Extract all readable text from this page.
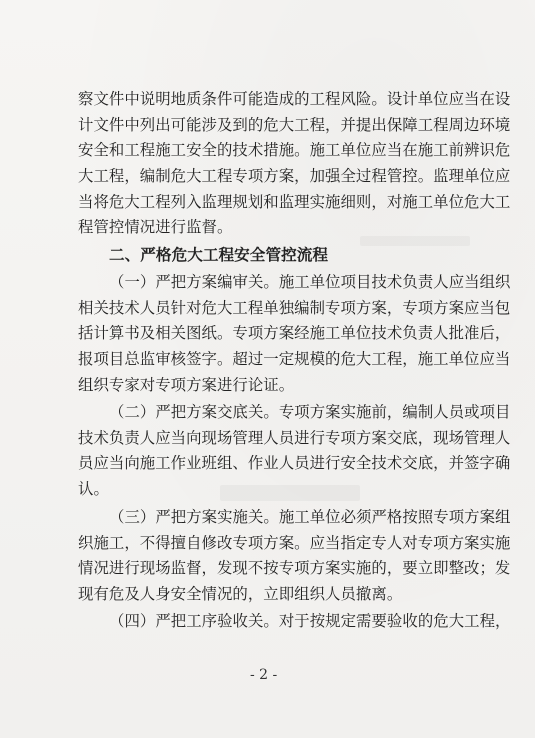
察文件中说明地质条件可能造成的工程风险。设计单位应当在设
计文件中列出可能涉及到的危大工程，并提出保障工程周边环境
安全和工程施工安全的技术措施。施工单位应当在施工前辨识危
大工程，编制危大工程专项方案，加强全过程管控。监理单位应
当将危大工程列入监理规划和监理实施细则，对施工单位危大工
程管控情况进行监督。
二、严格危大工程安全管控流程
（一）严把方案编审关。施工单位项目技术负责人应当组织
相关技术人员针对危大工程单独编制专项方案，专项方案应当包
括计算书及相关图纸。专项方案经施工单位技术负责人批准后，
报项目总监审核签字。超过一定规模的危大工程，施工单位应当
组织专家对专项方案进行论证。
（二）严把方案交底关。专项方案实施前，编制人员或项目
技术负责人应当向现场管理人员进行专项方案交底，现场管理人
员应当向施工作业班组、作业人员进行安全技术交底，并签字确
认。
（三）严把方案实施关。施工单位必须严格按照专项方案组
织施工，不得擅自修改专项方案。应当指定专人对专项方案实施
情况进行现场监督，发现不按专项方案实施的，要立即整改；发
现有危及人身安全情况的，立即组织人员撤离。
（四）严把工序验收关。对于按规定需要验收的危大工程，
- 2 -
